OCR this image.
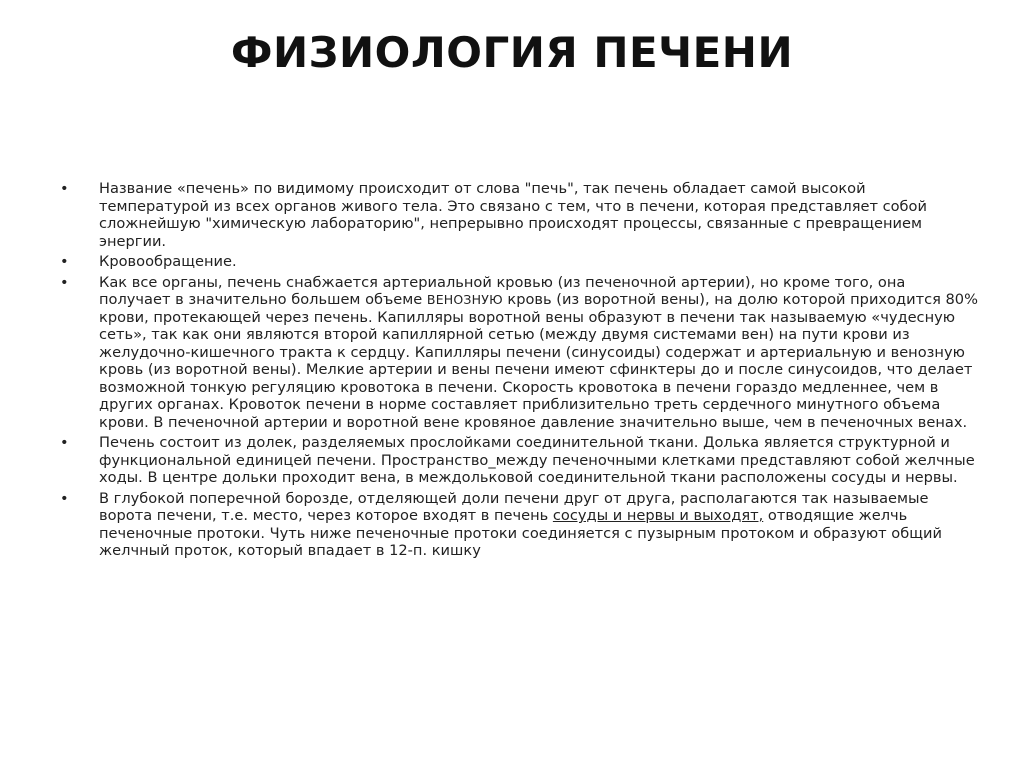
ФИЗИОЛОГИЯ ПЕЧЕНИ
• Название «печень» по видимому происходит от слова "печь", так печень обладает самой высокой температурой из всех органов живого тела. Это связано с тем, что в печени, которая представляет собой сложнейшую "химическую лабораторию", непрерывно происходят процессы, связанные с превращением энергии.
• Кровообращение.
• Как все органы, печень снабжается артериальной кровью (из печеночной артерии), но кроме того, она получает в значительно большем объеме ВЕНОЗНУЮ кровь (из воротной вены), на долю которой приходится 80% крови, протекающей через печень. Капилляры воротной вены образуют в печени так называемую «чудесную сеть», так как они являются второй капиллярной сетью (между двумя системами вен) на пути крови из желудочно-кишечного тракта к сердцу. Капилляры печени (синусоиды) содержат и артериальную и венозную кровь (из воротной вены). Мелкие артерии и вены печени имеют сфинктеры до и после синусоидов, что делает возможной тонкую регуляцию кровотока в печени. Скорость кровотока в печени гораздо медленнее, чем в других органах. Кровоток печени в норме составляет приблизительно треть сердечного минутного объема крови. В печеночной артерии и воротной вене кровяное давление значительно выше, чем в печеночных венах.
• Печень состоит из долек, разделяемых прослойками соединительной ткани. Долька является структурной и функциональной единицей печени. Пространство_между печеночными клетками представляют собой желчные ходы. В центре дольки проходит вена, в междольковой соединительной ткани расположены сосуды и нервы.
• В глубокой поперечной борозде, отделяющей доли печени друг от друга, располагаются так называемые ворота печени, т.е. место, через которое входят в печень сосуды и нервы и выходят, отводящие желчь печеночные протоки. Чуть ниже печеночные протоки соединяется с пузырным протоком и образуют общий желчный проток, который впадает в 12-п. кишку
